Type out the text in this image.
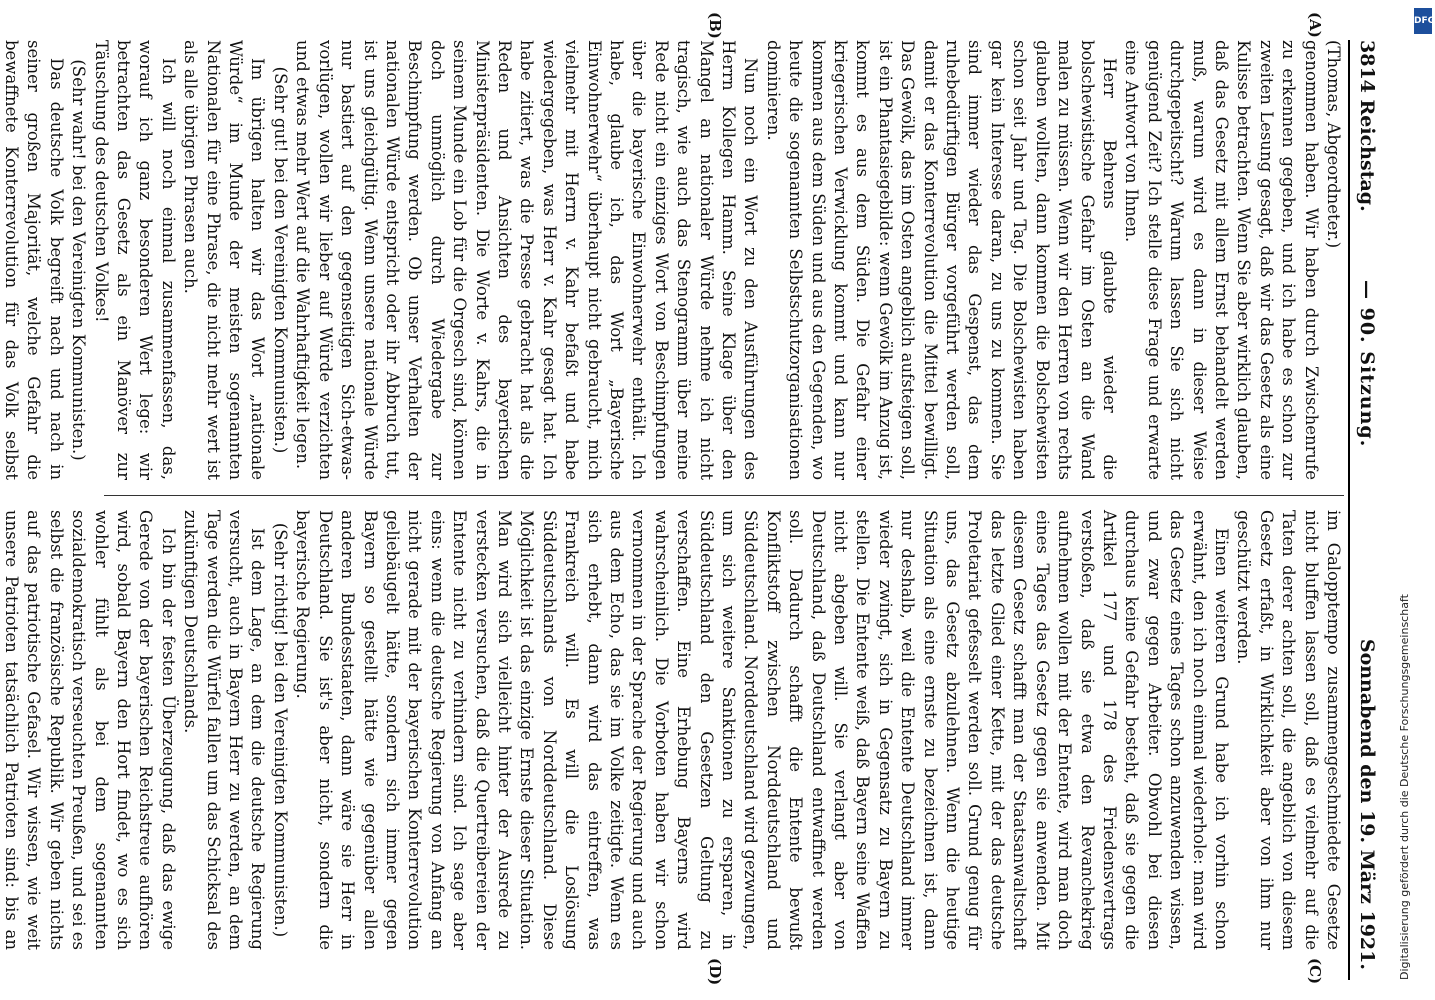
3814 Reichstag.
— 90. Sitzung.
Sonnabend den 19. März 1921.

(Thomas, Abgeordneter.)

genommen haben. Wir haben durch Zwischenrufe zu erkennen gegeben, und ich habe es schon zur zweiten Lesung gesagt, daß wir das Gesetz als eine Kulisse betrachten. Wenn Sie aber wirklich glauben, daß das Gesetz mit allem Ernst behandelt werden muß, warum wird es dann in dieser Weise durchgepeitscht? Warum lassen Sie sich nicht genügend Zeit? Ich stelle diese Frage und erwarte eine Antwort von Ihnen.

Herr Behrens glaubte wieder die bolschewistische Gefahr im Osten an die Wand malen zu müssen. Wenn wir den Herren von rechts glauben wollten, dann kommen die Bolschewisten schon seit Jahr und Tag. Die Bolschewisten haben gar kein Interesse daran, zu uns zu kommen. Sie sind immer wieder das Gespenst, das dem ruhebedürftigen Bürger vorgeführt werden soll, damit er das Konterrevolution die Mittel bewilligt. Das Gewölk, das im Osten angeblich aufsteigen soll, ist ein Phantasiegebilde: wenn Gewölk im Anzug ist, kommt es aus dem Süden. Die Gefahr einer kriegerischen Verwicklung kommt und kann nur kommen aus dem Süden und aus den Gegenden, wo heute die sogenannten Selbstschutzorganisationen dominieren.

Nun noch ein Wort zu den Ausführungen des Herrn Kollegen Hamm. Seine Klage über den Mangel an nationaler Würde nehme ich nicht tragisch, wie auch das Stenogramm über meine Rede nicht ein einziges Wort von Beschimpfungen über die bayerische Einwohnerwehr enthält. Ich habe, glaube ich, das Wort „Bayerische Einwohnerwehr“ überhaupt nicht gebraucht, mich vielmehr mit Herrn v. Kahr befaßt und habe wiedergegeben, was Herr v. Kahr gesagt hat. Ich habe zitiert, was die Presse gebracht hat als die Reden und Ansichten des bayerischen Ministerpräsidenten. Die Worte v. Kahrs, die in seinem Munde ein Lob für die Orgesch sind, können doch unmöglich durch Wiedergabe zur Beschimpfung werden. Ob unser Verhalten der nationalen Würde entspricht oder ihr Abbruch tut, ist uns gleichgültig. Wenn unsere nationale Würde nur bastiert auf den gegenseitigen Sich-etwas-vorlügen, wollen wir lieber auf Würde verzichten und etwas mehr Wert auf die Wahrhaftigkeit legen.

(Sehr gut! bei den Vereinigten Kommunisten.)

Im übrigen halten wir das Wort „nationale Würde“ im Munde der meisten sogenannten Nationalen für eine Phrase, die nicht mehr wert ist als alle übrigen Phrasen auch.

Ich will noch einmal zusammenfassen, das, worauf ich ganz besonderen Wert lege: wir betrachten das Gesetz als ein Manöver zur Täuschung des deutschen Volkes!

(Sehr wahr! bei den Vereinigten Kommunisten.)

Das deutsche Volk begreift nach und nach in seiner großen Majorität, welche Gefahr die bewaffnete Konterrevolution für das Volk selbst

im Galopptempo zusammengeschmiedete Gesetze nicht bluffen lassen soll, daß es vielmehr auf die Taten derer achten soll, die angeblich von diesem Gesetz erfaßt, in Wirklichkeit aber von ihm nur geschützt werden.

Einen weiteren Grund habe ich vorhin schon erwähnt, den ich noch einmal wiederhole: man wird das Gesetz eines Tages schon anzuwenden wissen, und zwar gegen Arbeiter. Obwohl bei diesen durchaus keine Gefahr besteht, daß sie gegen die Artikel 177 und 178 des Friedensvertrags verstoßen, daß sie etwa den Revanchekrieg aufnehmen wollen mit der Entente, wird man doch eines Tages das Gesetz gegen sie anwenden. Mit diesem Gesetz schafft man der Staatsanwaltschaft das letzte Glied einer Kette, mit der das deutsche Proletariat gefesselt werden soll. Grund genug für uns, das Gesetz abzulehnen. Wenn die heutige Situation als eine ernste zu bezeichnen ist, dann nur deshalb, weil die Entente Deutschland immer wieder zwingt, sich in Gegensatz zu Bayern zu stellen. Die Entente weiß, daß Bayern seine Waffen nicht abgeben will. Sie verlangt aber von Deutschland, daß Deutschland entwaffnet werden soll. Dadurch schafft die Entente bewußt Konfliktstoff zwischen Norddeutschland und Süddeutschland. Norddeutschland wird gezwungen, um sich weitere Sanktionen zu ersparen, in Süddeutschland den Gesetzen Geltung zu verschaffen. Eine Erhebung Bayerns wird wahrscheinlich. Die Vorboten haben wir schon vernommen in der Sprache der Regierung und auch aus dem Echo, das sie im Volke zeitigte. Wenn es sich erhebt, dann wird das eintreffen, was Frankreich will. Es will die Loslösung Süddeutschlands von Norddeutschland. Diese Möglichkeit ist das einzige Ernste dieser Situation. Man wird sich vielleicht hinter der Ausrede zu verstecken versuchen, daß die Quertreibereien der Entente nicht zu verhindern sind. Ich sage aber eins: wenn die deutsche Regierung von Anfang an nicht gerade mit der bayerischen Konterrevolution geliebäugelt hätte, sondern sich immer gegen Bayern so gestellt hätte wie gegenüber allen anderen Bundesstaaten, dann wäre sie Herr in Deutschland. Sie ist's aber nicht, sondern die bayerische Regierung.

(Sehr richtig! bei den Vereinigten Kommunisten.)

Ist dem Lage, an dem die deutsche Regierung versucht, auch in Bayern Herr zu werden, an dem Tage werden die Würfel fallen um das Schicksal des zukünftigen Deutschlands.

Ich bin der festen Überzeugung, daß das ewige Gerede von der bayerischen Reichstreue aufhören wird, sobald Bayern den Hort findet, wo es sich wohler fühlt als bei dem sogenannten sozialdemokratisch verseuchten Preußen, und sei es selbst die französische Republik. Wir geben nichts auf das patriotische Gefasel. Wir wissen, wie weit unsere Patrioten tatsächlich Patrioten sind: bis an

(A)
(B)
(C)
(D)
DFG
Digitalisierung gefördert durch die Deutsche Forschungsgemeinschaft
